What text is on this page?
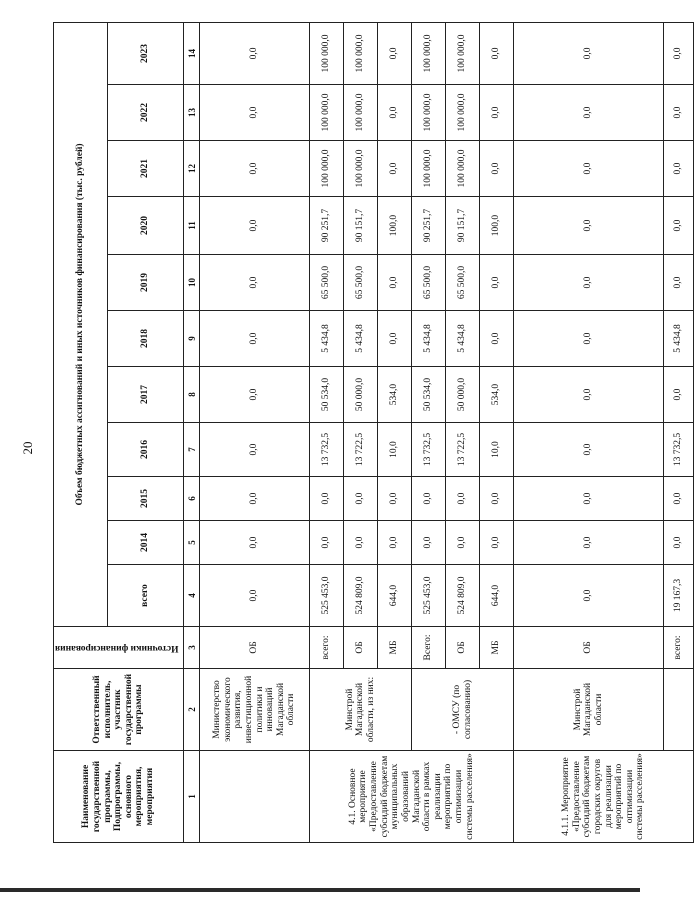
20
Наименование государственной программы, Подпрограммы, основного мероприятия, мероприятия	Ответственный исполнитель, участник государственной программы	Источники финансирования	Объем бюджетных ассигнований и иных источников финансирования (тыс. рублей)										
			всего	2014	2015	2016	2017	2018	2019	2020	2021	2022	2023
1	2	3	4	5	6	7	8	9	10	11	12	13	14
	Министерство экономического развития, инвестиционной политики и инноваций Магаданской области	ОБ	0,0	0,0	0,0	0,0	0,0	0,0	0,0	0,0	0,0	0,0	0,0
4.1. Основное мероприятие «Предоставление субсидий бюджетам муниципальных образований Магаданской области в рамках реализации мероприятий по оптимизации системы расселения»	Минстрой Магаданской области, из них:	всего:	525 453,0	0,0	0,0	13 732,5	50 534,0	5 434,8	65 500,0	90 251,7	100 000,0	100 000,0	100 000,0
		ОБ	524 809,0	0,0	0,0	13 722,5	50 000,0	5 434,8	65 500,0	90 151,7	100 000,0	100 000,0	100 000,0
		МБ	644,0	0,0	0,0	10,0	534,0	0,0	0,0	100,0	0,0	0,0	0,0
	- ОМСУ (по согласованию)	Всего:	525 453,0	0,0	0,0	13 732,5	50 534,0	5 434,8	65 500,0	90 251,7	100 000,0	100 000,0	100 000,0
		ОБ	524 809,0	0,0	0,0	13 722,5	50 000,0	5 434,8	65 500,0	90 151,7	100 000,0	100 000,0	100 000,0
		МБ	644,0	0,0	0,0	10,0	534,0	0,0	0,0	100,0	0,0	0,0	0,0
4.1.1. Мероприятие «Предоставление субсидий бюджетам городских округов для реализации мероприятий по оптимизации системы расселения»	Минстрой Магаданской области	ОБ	0,0	0,0	0,0	0,0	0,0	0,0	0,0	0,0	0,0	0,0	0,0
		всего:	19 167,3	0,0	0,0	13 732,5	0,0	5 434,8	0,0	0,0	0,0	0,0	0,0
